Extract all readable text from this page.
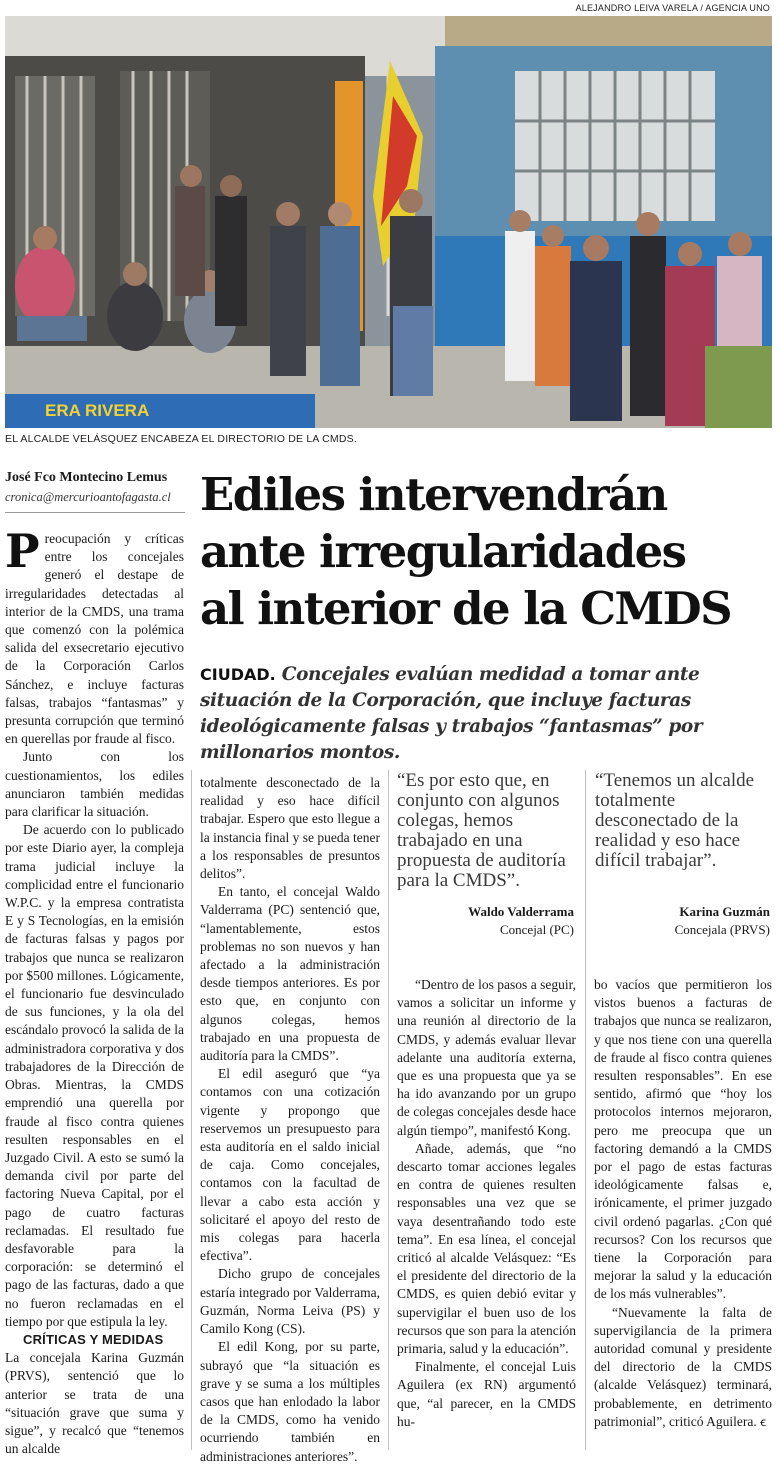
ALEJANDRO LEIVA VARELA / AGENCIA UNO
ERA RIVERA
EL ALCALDE VELÁSQUEZ ENCABEZA EL DIRECTORIO DE LA CMDS.
José Fco Montecino Lemus
cronica@mercurioantofagasta.cl Ediles intervendrán
ante irregularidades
al interior de la CMDS
CIUDAD. Concejales evalúan medidad a tomar ante situación de la Corporación, que incluye facturas ideológicamente falsas y trabajos “fantasmas” por millonarios montos.

Preocupación y críticas entre los concejales generó el destape de irregularidades detectadas al interior de la CMDS, una trama que comenzó con la polémica salida del exsecretario ejecutivo de la Corporación Carlos Sánchez, e incluye facturas falsas, trabajos “fantasmas” y presunta corrupción que terminó en querellas por fraude al fisco.

Junto con los cuestionamientos, los ediles anunciaron también medidas para clarificar la situación.

De acuerdo con lo publicado por este Diario ayer, la compleja trama judicial incluye la complicidad entre el funcionario W.P.C. y la empresa contratista E y S Tecnologías, en la emisión de facturas falsas y pagos por trabajos que nunca se realizaron por $500 millones. Lógicamente, el funcionario fue desvinculado de sus funciones, y la ola del escándalo provocó la salida de la administradora corporativa y dos trabajadores de la Dirección de Obras. Mientras, la CMDS emprendió una querella por fraude al fisco contra quienes resulten responsables en el Juzgado Civil. A esto se sumó la demanda civil por parte del factoring Nueva Capital, por el pago de cuatro facturas reclamadas. El resultado fue desfavorable para la corporación: se determinó el pago de las facturas, dado a que no fueron reclamadas en el tiempo por que estipula la ley.

CRÍTICAS Y MEDIDAS

La concejala Karina Guzmán (PRVS), sentenció que lo anterior se trata de una “situación grave que suma y sigue”, y recalcó que “tenemos un alcalde

totalmente desconectado de la realidad y eso hace difícil trabajar. Espero que esto llegue a la instancia final y se pueda tener a los responsables de presuntos delitos”.

En tanto, el concejal Waldo Valderrama (PC) sentenció que, “lamentablemente, estos problemas no son nuevos y han afectado a la administración desde tiempos anteriores. Es por esto que, en conjunto con algunos colegas, hemos trabajado en una propuesta de auditoría para la CMDS”.

El edil aseguró que “ya contamos con una cotización vigente y propongo que reservemos un presupuesto para esta auditoría en el saldo inicial de caja. Como concejales, contamos con la facultad de llevar a cabo esta acción y solicitaré el apoyo del resto de mis colegas para hacerla efectiva”.

Dicho grupo de concejales estaría integrado por Valderrama, Guzmán, Norma Leiva (PS) y Camilo Kong (CS).

El edil Kong, por su parte, subrayó que “la situación es grave y se suma a los múltiples casos que han enlodado la labor de la CMDS, como ha venido ocurriendo también en administraciones anteriores”.

“Es por esto que, en conjunto con algunos colegas, hemos trabajado en una propuesta de auditoría para la CMDS”.
Waldo Valderrama
Concejal (PC)
“Tenemos un alcalde totalmente desconectado de la realidad y eso hace difícil trabajar”.
Karina Guzmán
Concejala (PRVS)

“Dentro de los pasos a seguir, vamos a solicitar un informe y una reunión al directorio de la CMDS, y además evaluar llevar adelante una auditoría externa, que es una propuesta que ya se ha ido avanzando por un grupo de colegas concejales desde hace algún tiempo”, manifestó Kong.

Añade, además, que “no descarto tomar acciones legales en contra de quienes resulten responsables una vez que se vaya desentrañando todo este tema”. En esa línea, el concejal criticó al alcalde Velásquez: “Es el presidente del directorio de la CMDS, es quien debió evitar y supervigilar el buen uso de los recursos que son para la atención primaria, salud y la educación”.

Finalmente, el concejal Luis Aguilera (ex RN) argumentó que, “al parecer, en la CMDS hu-

bo vacíos que permitieron los vistos buenos a facturas de trabajos que nunca se realizaron, y que nos tiene con una querella de fraude al fisco contra quienes resulten responsables”. En ese sentido, afirmó que “hoy los protocolos internos mejoraron, pero me preocupa que un factoring demandó a la CMDS por el pago de estas facturas ideológicamente falsas e, irónicamente, el primer juzgado civil ordenó pagarlas. ¿Con qué recursos? Con los recursos que tiene la Corporación para mejorar la salud y la educación de los más vulnerables”.

“Nuevamente la falta de supervigilancia de la primera autoridad comunal y presidente del directorio de la CMDS (alcalde Velásquez) terminará, probablemente, en detrimento patrimonial”, criticó Aguilera. ꞓ
